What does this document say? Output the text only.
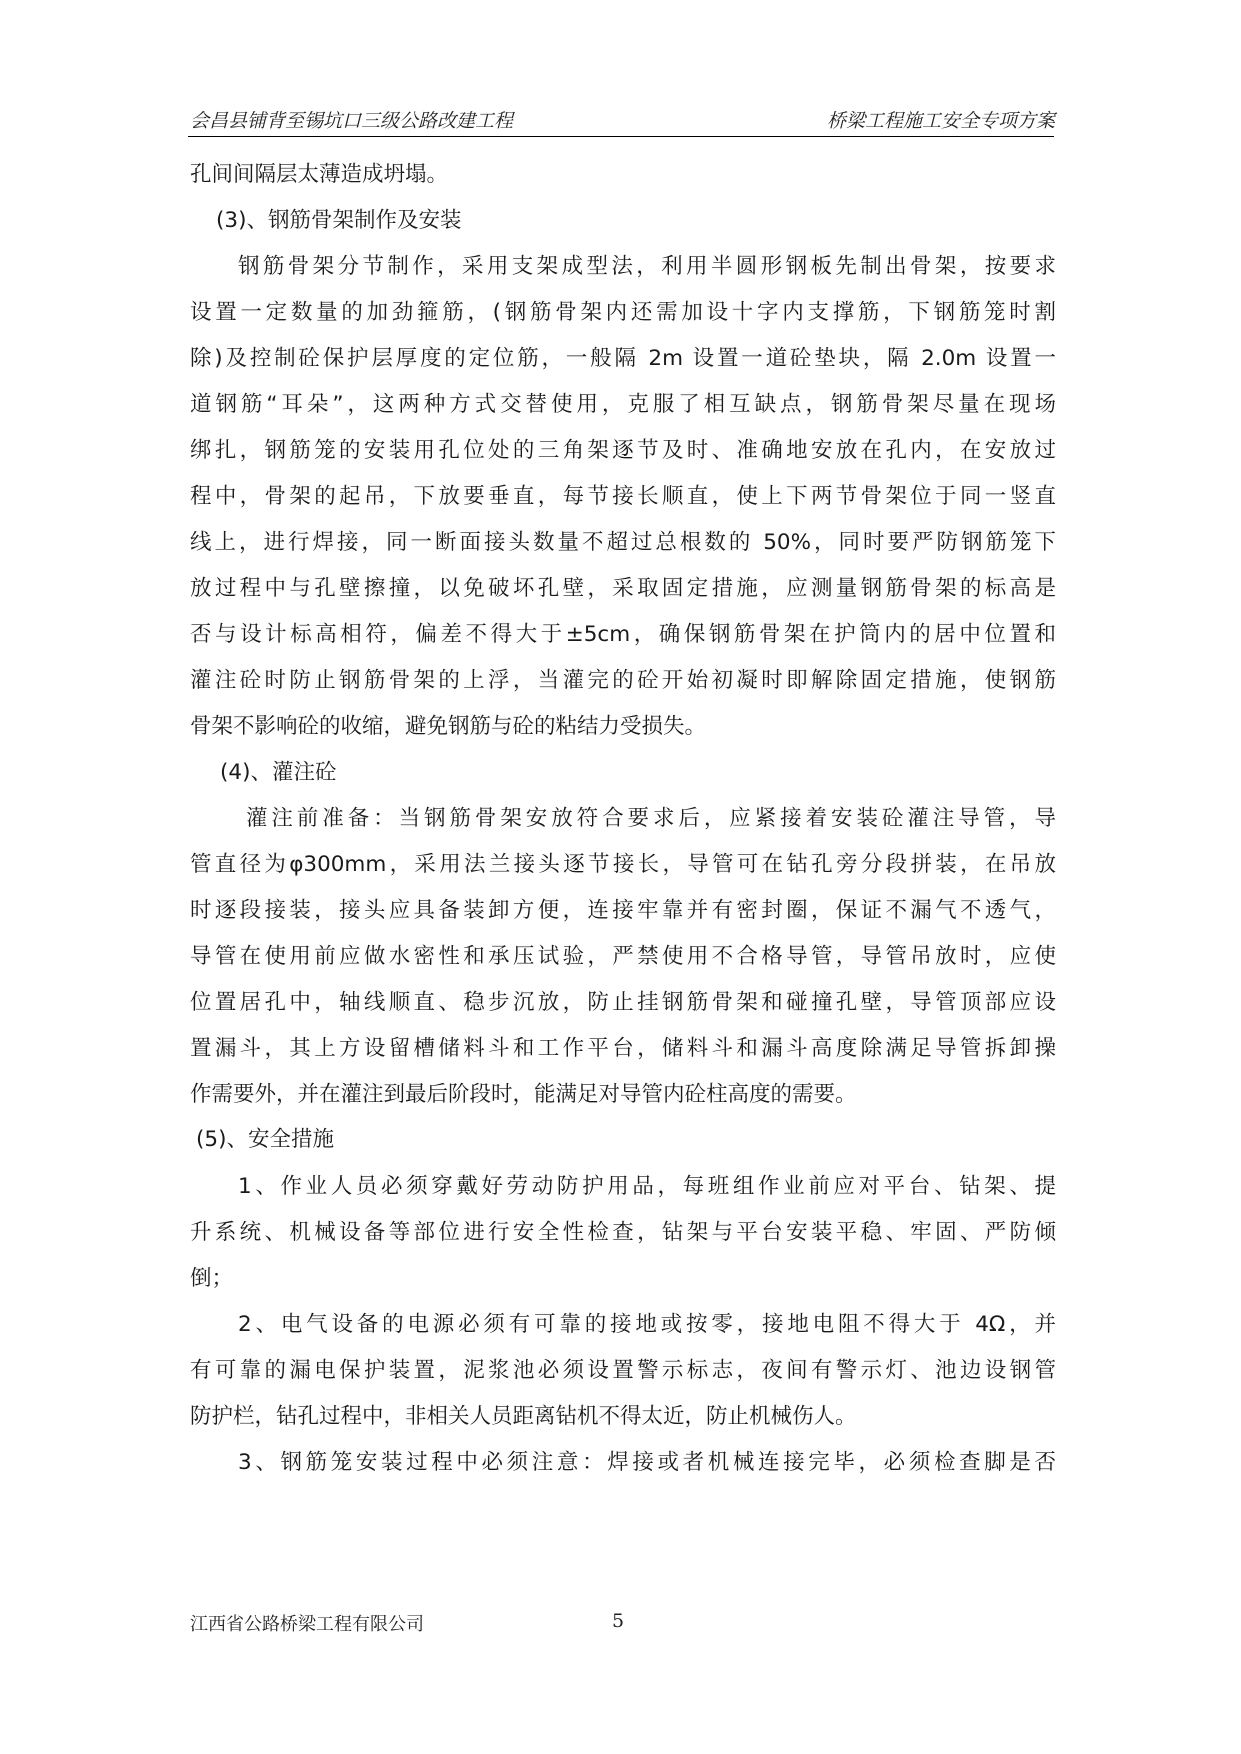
会昌县铺背至锡坑口三级公路改建工程	桥梁工程施工安全专项方案
孔间间隔层太薄造成坍塌。
(3)、钢筋骨架制作及安装
钢筋骨架分节制作，采用支架成型法，利用半圆形钢板先制出骨架，按要求
设置一定数量的加劲箍筋，(钢筋骨架内还需加设十字内支撑筋，下钢筋笼时割
除)及控制砼保护层厚度的定位筋，一般隔 2m 设置一道砼垫块，隔 2.0m 设置一
道钢筋“耳朵”，这两种方式交替使用，克服了相互缺点，钢筋骨架尽量在现场
绑扎，钢筋笼的安装用孔位处的三角架逐节及时、准确地安放在孔内，在安放过
程中，骨架的起吊，下放要垂直，每节接长顺直，使上下两节骨架位于同一竖直
线上，进行焊接，同一断面接头数量不超过总根数的 50%，同时要严防钢筋笼下
放过程中与孔壁擦撞，以免破坏孔壁，采取固定措施，应测量钢筋骨架的标高是
否与设计标高相符，偏差不得大于±5cm，确保钢筋骨架在护筒内的居中位置和
灌注砼时防止钢筋骨架的上浮，当灌完的砼开始初凝时即解除固定措施，使钢筋
骨架不影响砼的收缩，避免钢筋与砼的粘结力受损失。
(4)、灌注砼
灌注前准备：当钢筋骨架安放符合要求后，应紧接着安装砼灌注导管，导
管直径为φ300mm，采用法兰接头逐节接长，导管可在钻孔旁分段拼装，在吊放
时逐段接装，接头应具备装卸方便，连接牢靠并有密封圈，保证不漏气不透气，
导管在使用前应做水密性和承压试验，严禁使用不合格导管，导管吊放时，应使
位置居孔中，轴线顺直、稳步沉放，防止挂钢筋骨架和碰撞孔壁，导管顶部应设
置漏斗，其上方设留槽储料斗和工作平台，储料斗和漏斗高度除满足导管拆卸操
作需要外，并在灌注到最后阶段时，能满足对导管内砼柱高度的需要。
(5)、安全措施
1、作业人员必须穿戴好劳动防护用品，每班组作业前应对平台、钻架、提
升系统、机械设备等部位进行安全性检查，钻架与平台安装平稳、牢固、严防倾
倒；
2、电气设备的电源必须有可靠的接地或按零，接地电阻不得大于 4Ω，并
有可靠的漏电保护装置，泥浆池必须设置警示标志，夜间有警示灯、池边设钢管
防护栏，钻孔过程中，非相关人员距离钻机不得太近，防止机械伤人。
3、钢筋笼安装过程中必须注意：焊接或者机械连接完毕，必须检查脚是否
江西省公路桥梁工程有限公司	5
